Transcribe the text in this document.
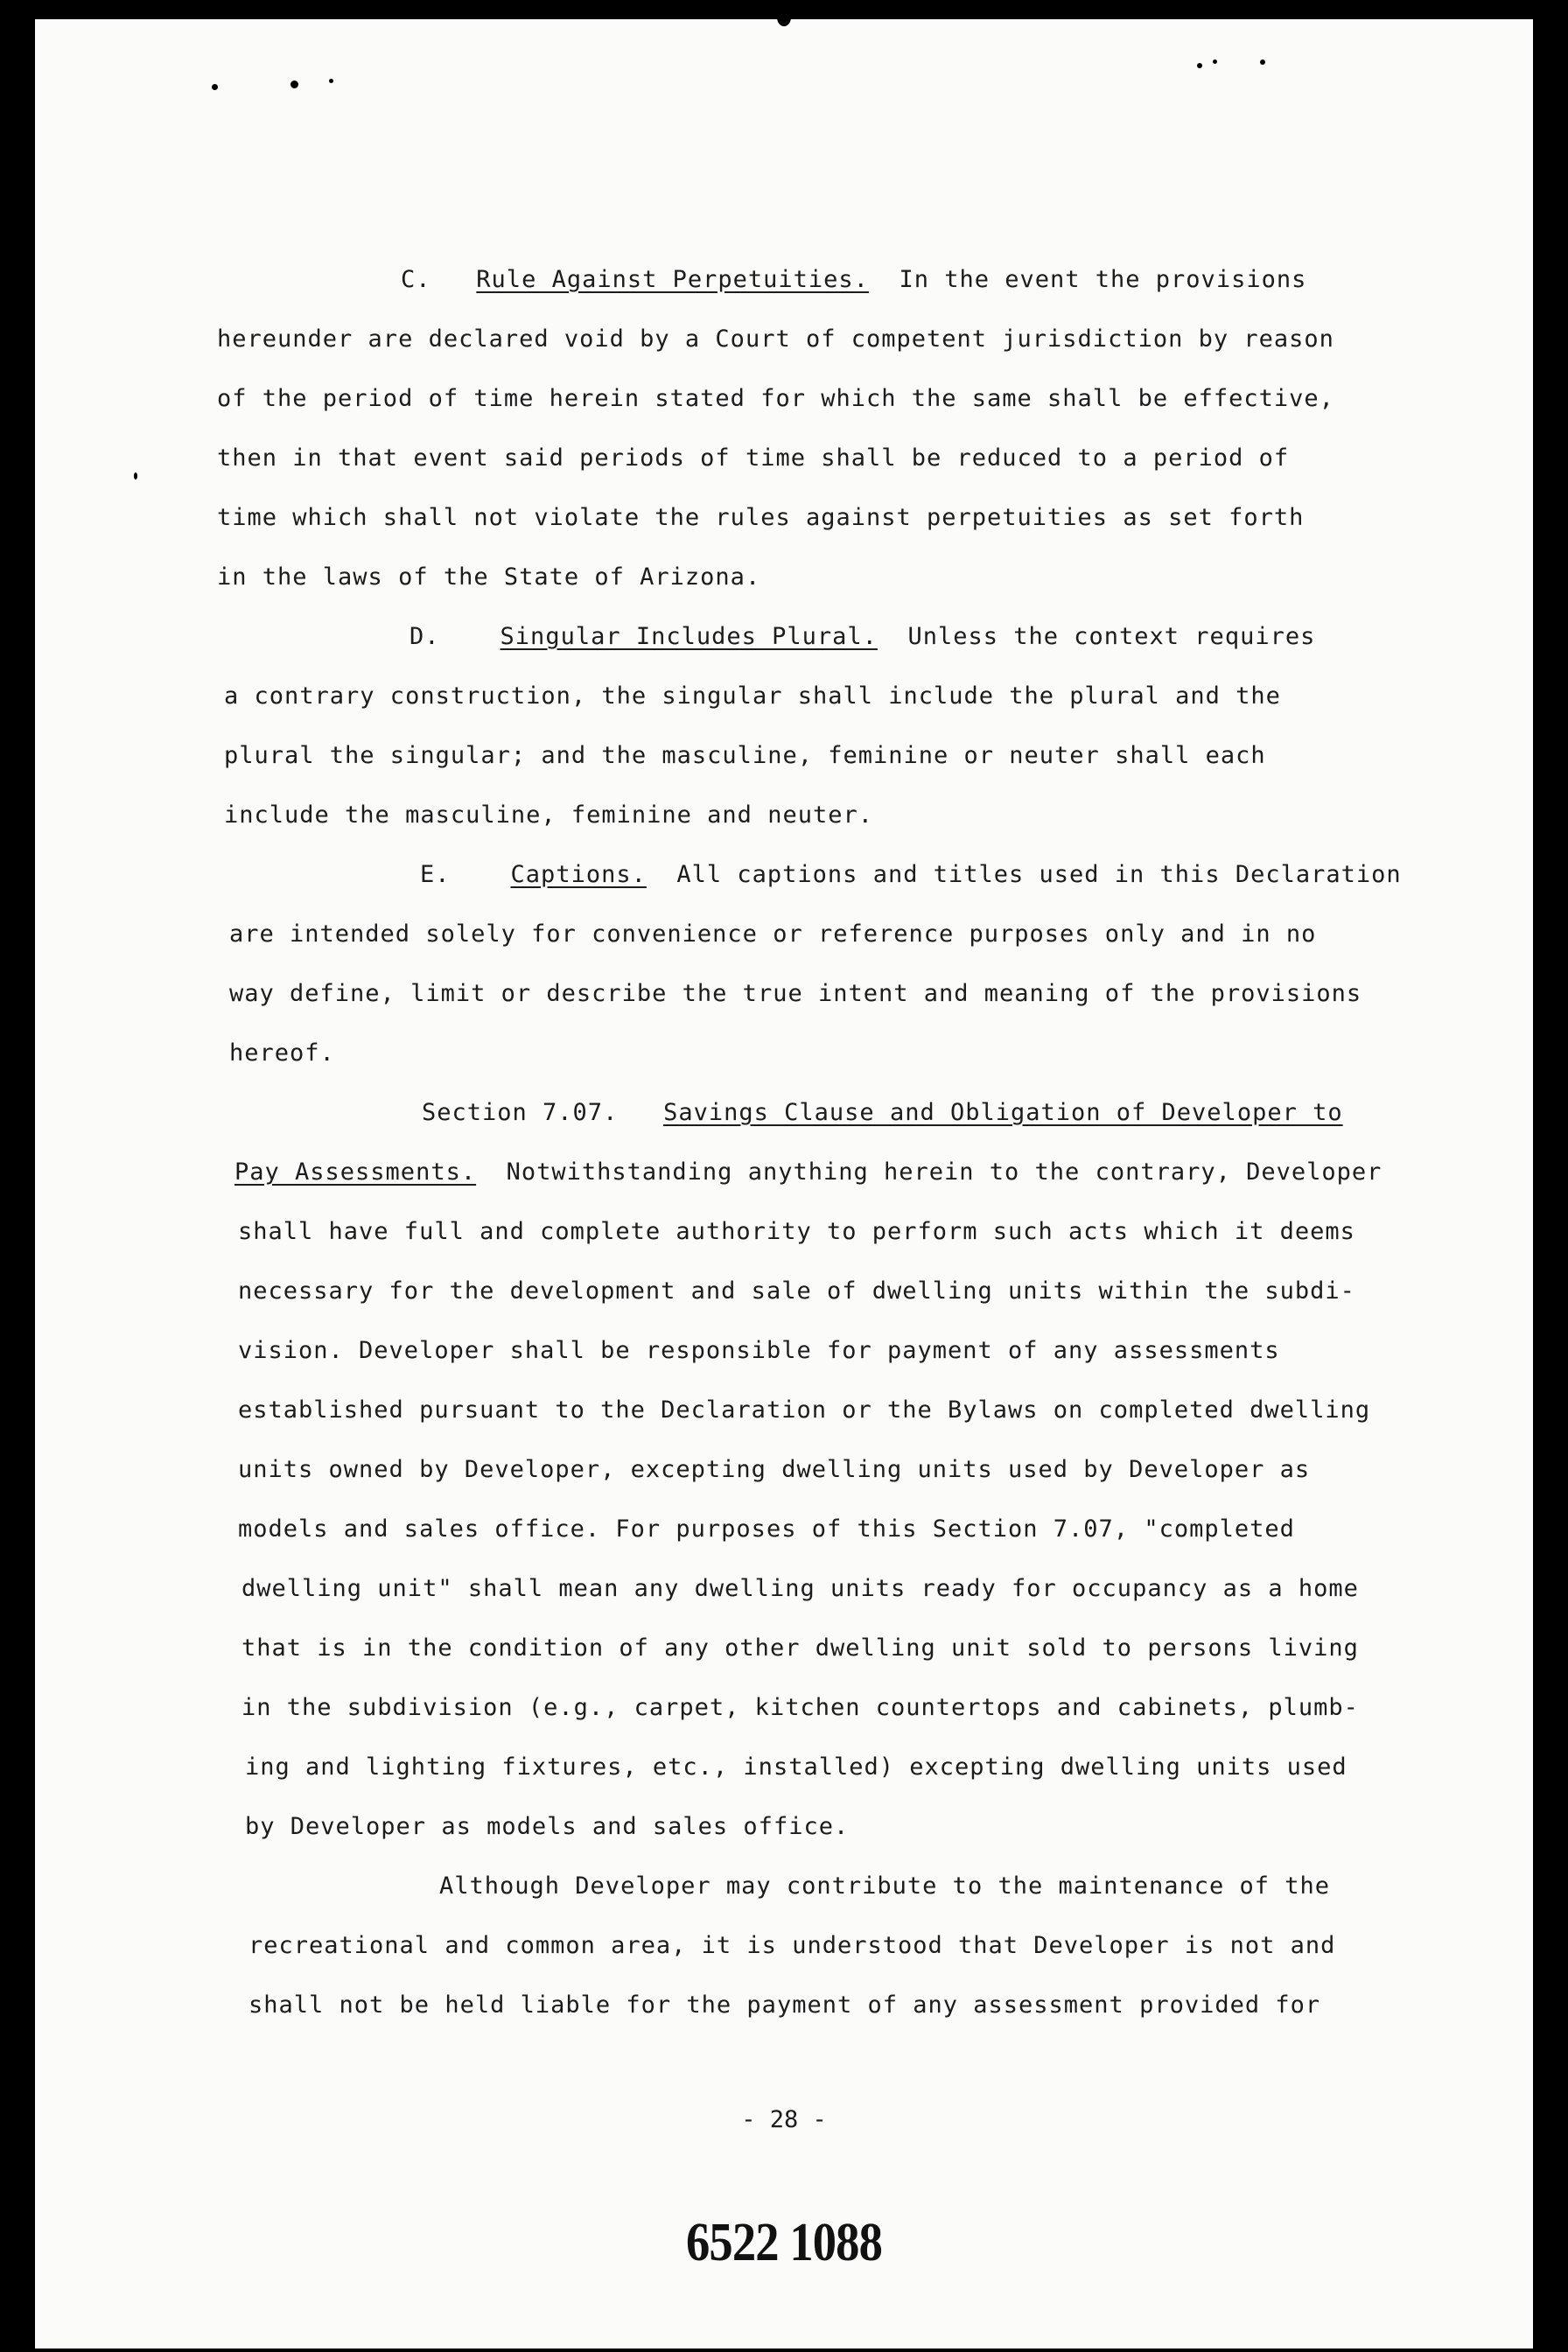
C. Rule Against Perpetuities. In the event the provisions
hereunder are declared void by a Court of competent jurisdiction by reason
of the period of time herein stated for which the same shall be effective,
then in that event said periods of time shall be reduced to a period of
time which shall not violate the rules against perpetuities as set forth
in the laws of the State of Arizona.
D.	Singular Includes Plural. Unless the context requires
a contrary construction, the singular shall include the plural and the
plural the singular; and the masculine, feminine or neuter shall each
include the masculine, feminine and neuter.
E.	Captions. All captions and titles used in this Declaration
are intended solely for convenience or reference purposes only and in no
way define, limit or describe the true intent and meaning of the provisions
hereof.
Section 7.07. Savings Clause and Obligation of Developer to
Pay Assessments. Notwithstanding anything herein to the contrary, Developer
shall have full and complete authority to perform such acts which it deems
necessary for the development and sale of dwelling units within the subdi-
vision. Developer shall be responsible for payment of any assessments
established pursuant to the Declaration or the Bylaws on completed dwelling
units owned by Developer, excepting dwelling units used by Developer as
models and sales office. For purposes of this Section 7.07, "completed
dwelling unit" shall mean any dwelling units ready for occupancy as a home
that is in the condition of any other dwelling unit sold to persons living
in the subdivision (e.g., carpet, kitchen countertops and cabinets, plumb-
ing and lighting fixtures, etc., installed) excepting dwelling units used
by Developer as models and sales office.
Although Developer may contribute to the maintenance of the
recreational and common area, it is understood that Developer is not and
shall not be held liable for the payment of any assessment provided for
- 28 -
6522 1088
